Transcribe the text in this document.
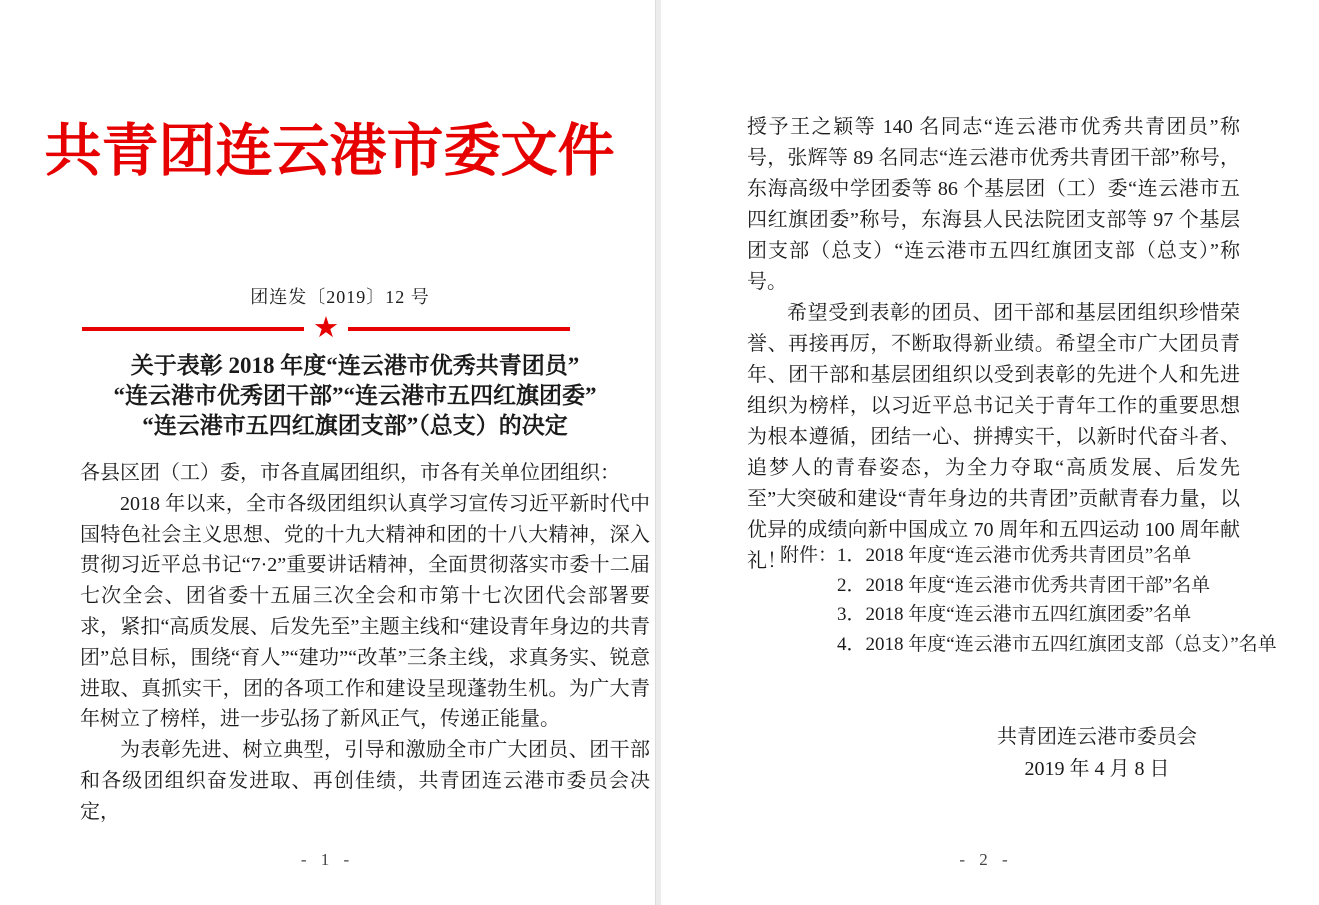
共青团连云港市委文件
团连发〔2019〕12 号
★
关于表彰 2018 年度“连云港市优秀共青团员”
“连云港市优秀团干部”“连云港市五四红旗团委”
“连云港市五四红旗团支部”（总支）的决定

各县区团（工）委，市各直属团组织，市各有关单位团组织：

2018 年以来，全市各级团组织认真学习宣传习近平新时代中国特色社会主义思想、党的十九大精神和团的十八大精神，深入贯彻习近平总书记“7·2”重要讲话精神，全面贯彻落实市委十二届七次全会、团省委十五届三次全会和市第十七次团代会部署要求，紧扣“高质发展、后发先至”主题主线和“建设青年身边的共青团”总目标，围绕“育人”“建功”“改革”三条主线，求真务实、锐意进取、真抓实干，团的各项工作和建设呈现蓬勃生机。为广大青年树立了榜样，进一步弘扬了新风正气，传递正能量。

为表彰先进、树立典型，引导和激励全市广大团员、团干部和各级团组织奋发进取、再创佳绩，共青团连云港市委员会决定，

- 1 -

授予王之颖等 140 名同志“连云港市优秀共青团员”称号，张辉等 89 名同志“连云港市优秀共青团干部”称号，东海高级中学团委等 86 个基层团（工）委“连云港市五四红旗团委”称号，东海县人民法院团支部等 97 个基层团支部（总支）“连云港市五四红旗团支部（总支）”称号。

希望受到表彰的团员、团干部和基层团组织珍惜荣誉、再接再厉，不断取得新业绩。希望全市广大团员青年、团干部和基层团组织以受到表彰的先进个人和先进组织为榜样，以习近平总书记关于青年工作的重要思想为根本遵循，团结一心、拼搏实干，以新时代奋斗者、追梦人的青春姿态，为全力夺取“高质发展、后发先至”大突破和建设“青年身边的共青团”贡献青春力量，以优异的成绩向新中国成立 70 周年和五四运动 100 周年献礼！

附件： 1．2018 年度“连云港市优秀共青团员”名单
2．2018 年度“连云港市优秀共青团干部”名单
3．2018 年度“连云港市五四红旗团委”名单
4．2018 年度“连云港市五四红旗团支部（总支）”名单
共青团连云港市委员会
2019 年 4 月 8 日
- 2 -
